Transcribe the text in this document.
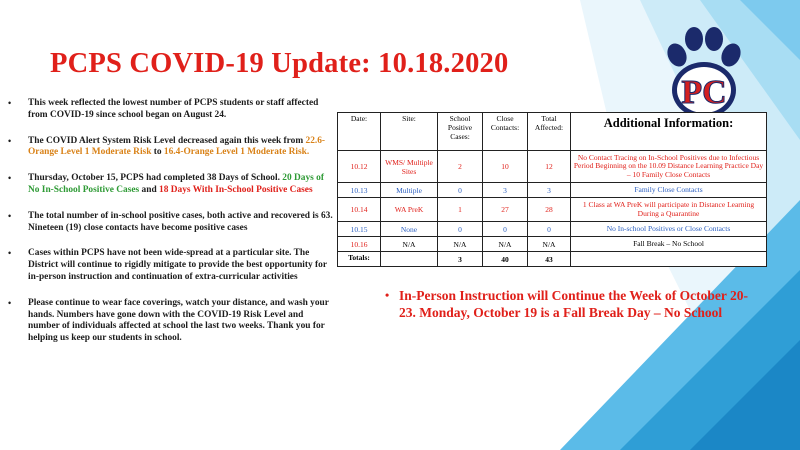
PCPS COVID-19 Update: 10.18.2020
PC
• This week reflected the lowest number of PCPS students or staff affected from COVID-19 since school began on August 24.
• The COVID Alert System Risk Level decreased again this week from 22.6-Orange Level 1 Moderate Risk to 16.4-Orange Level 1 Moderate Risk.
• Thursday, October 15, PCPS had completed 38 Days of School. 20 Days of No In-School Positive Cases and 18 Days With In-School Positive Cases
• The total number of in-school positive cases, both active and recovered is 63. Nineteen (19) close contacts have become positive cases
• Cases within PCPS have not been wide-spread at a particular site. The District will continue to rigidly mitigate to provide the best opportunity for in-person instruction and continuation of extra-curricular activities
• Please continue to wear face coverings, watch your distance, and wash your hands. Numbers have gone down with the COVID-19 Risk Level and number of individuals affected at school the last two weeks. Thank you for helping us keep our students in school.
Date:	Site:	School Positive Cases:	Close Contacts:	Total Affected:	Additional Information:
10.12	WMS/ Multiple Sites	2	10	12	No Contact Tracing on In-School Positives due to Infectious Period Beginning on the 10.09 Distance Learning Practice Day – 10 Family Close Contacts
10.13	Multiple	0	3	3	Family Close Contacts
10.14	WA PreK	1	27	28	1 Class at WA PreK will participate in Distance Learning During a Quarantine
10.15	None	0	0	0	No In-school Positives or Close Contacts
10.16	N/A	N/A	N/A	N/A	Fall Break – No School
Totals:		3	40	43	
• In-Person Instruction will Continue the Week of October 20-23. Monday, October 19 is a Fall Break Day – No School
